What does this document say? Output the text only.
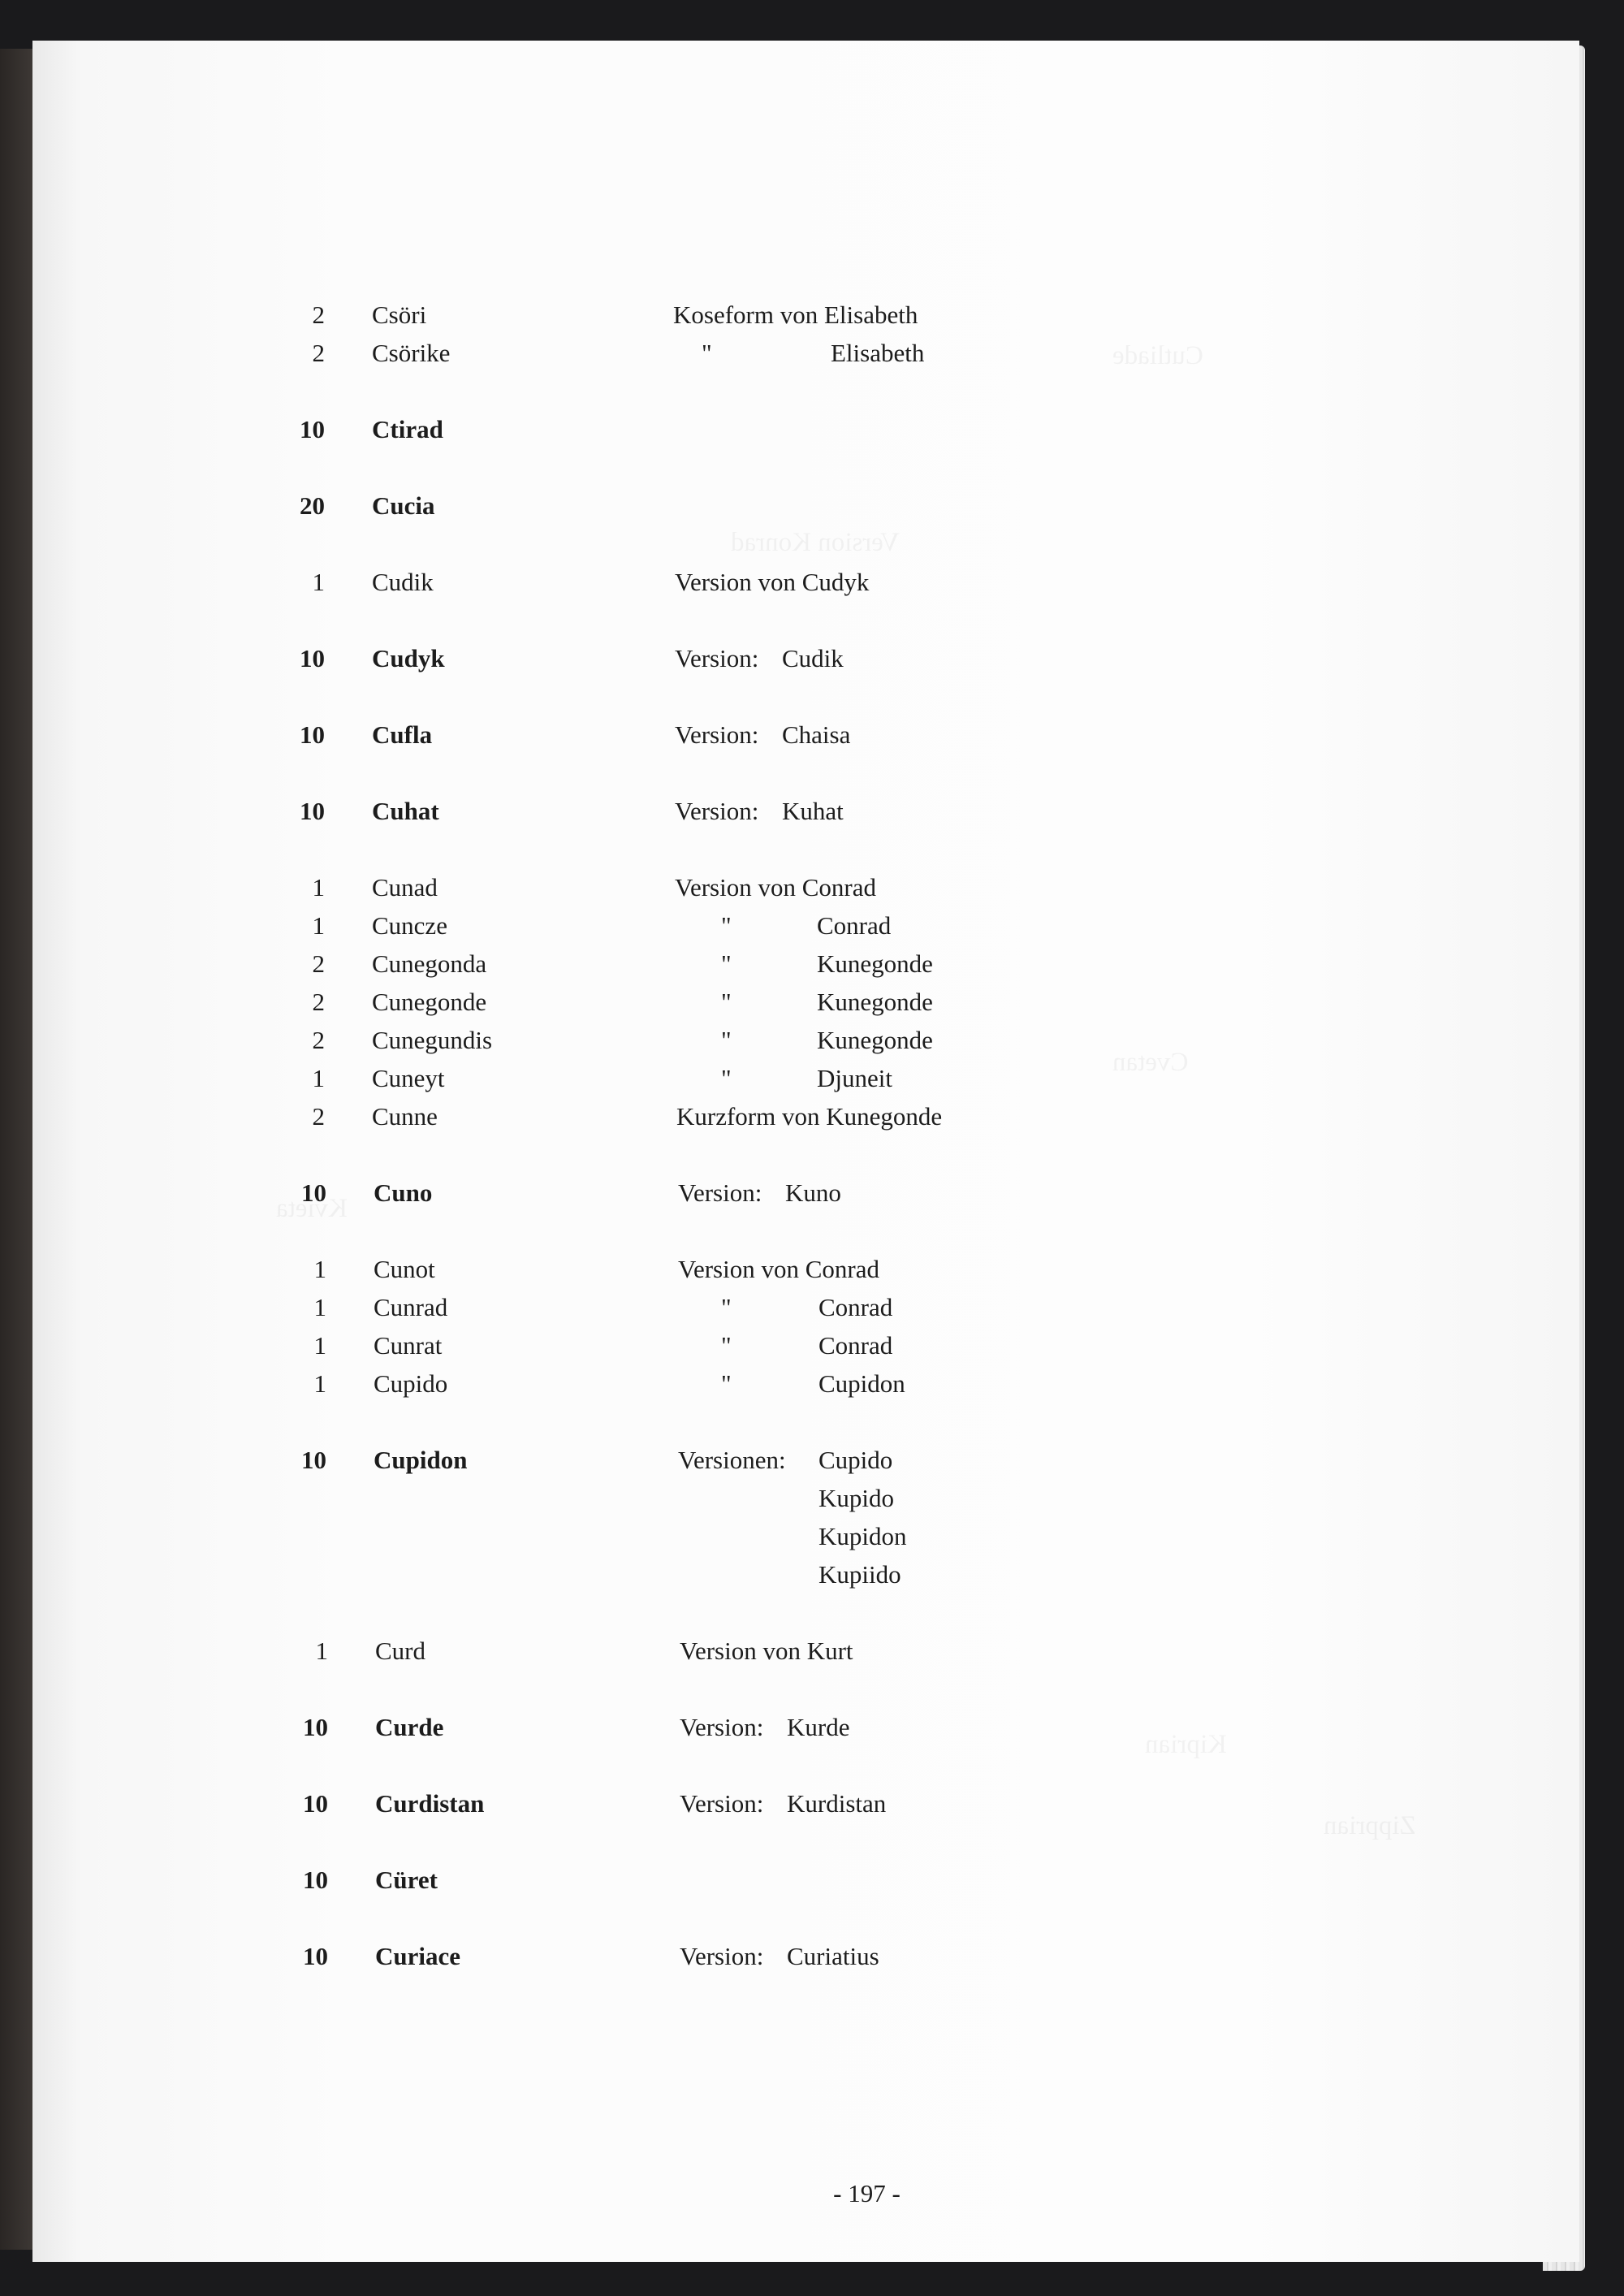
2 Csöri	Koseform von Elisabeth
2 Csörike	"	Elisabeth
10 Ctirad
20 Cucia
1 Cudik	Version von Cudyk
10 Cudyk	Version: Cudik
10 Cufla	Version: Chaisa
10 Cuhat	Version: Kuhat
1 Cunad	Version von Conrad
1 Cuncze	"	Conrad
2 Cunegonda	"	Kunegonde
2 Cunegonde	"	Kunegonde
2 Cunegundis	"	Kunegonde
1 Cuneyt	"	Djuneit
2 Cunne	Kurzform von Kunegonde
10 Cuno	Version: Kuno
1 Cunot	Version von Conrad
1 Cunrad	"	Conrad
1 Cunrat	"	Conrad
1 Cupido	"	Cupidon
10 Cupidon	Versionen: Cupido
Kupido
Kupidon
Kupiido
1 Curd	Version von Kurt
10 Curde	Version: Kurde
10 Curdistan	Version: Kurdistan
10 Cüret
10 Curiace	Version: Curiatius
- 197 -
